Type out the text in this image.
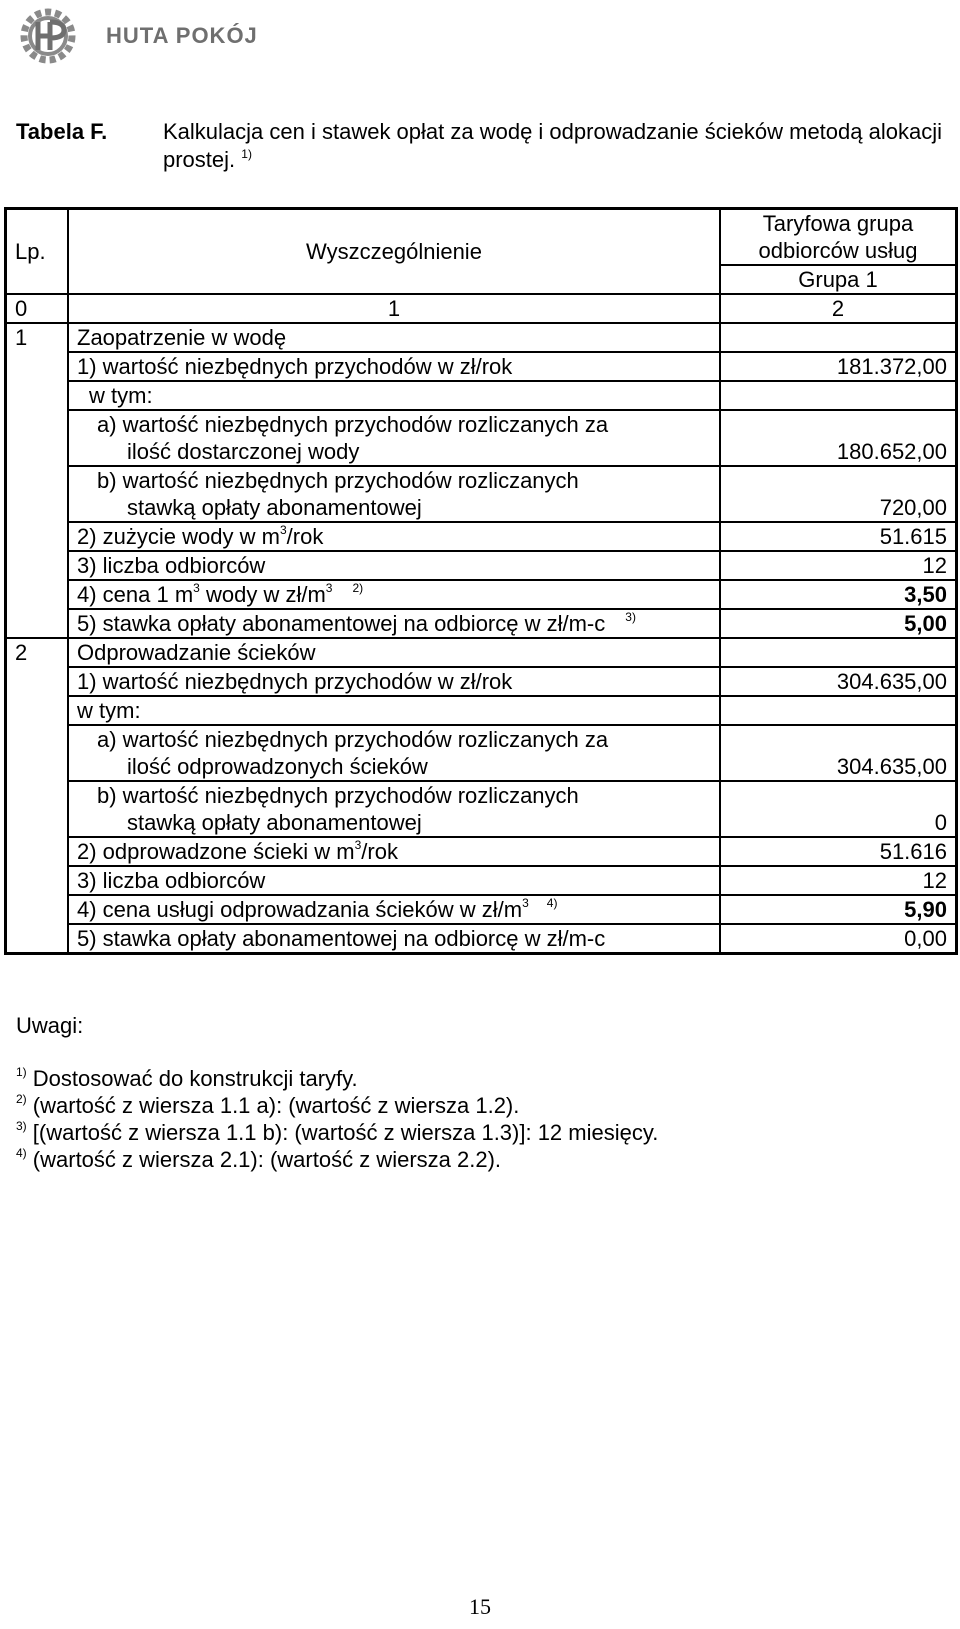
HUTA POKÓJ
Tabela F.	Kalkulacja cen i stawek opłat za wodę i odprowadzanie ścieków metodą alokacji prostej. $^{1)}$
Lp.	Wyszczególnienie	Taryfowa grupa
odbiorców usług
		Grupa 1
0	1	2
1	Zaopatrzenie w wodę	
	1) wartość niezbędnych przychodów w zł/rok	181.372,00
	w tym:	
	a) wartość niezbędnych przychodów rozliczanych za
ilość dostarczonej wody	180.652,00
	b) wartość niezbędnych przychodów rozliczanych
stawką opłaty abonamentowej	720,00
	2) zużycie wody w $m^3$/rok	51.615
	3) liczba odbiorców	12
	4) cena 1 $m^3$ wody w $zł/m^3$ $^{2)}$	3,50
	5) stawka opłaty abonamentowej na odbiorcę w zł/m-c $^{3)}$	5,00
2	Odprowadzanie ścieków	
	1) wartość niezbędnych przychodów w zł/rok	304.635,00
	w tym:	
	a) wartość niezbędnych przychodów rozliczanych za
ilość odprowadzonych ścieków	304.635,00
	b) wartość niezbędnych przychodów rozliczanych
stawką opłaty abonamentowej	0
	2) odprowadzone ścieki w $m^3$/rok	51.616
	3) liczba odbiorców	12
	4) cena usługi odprowadzania ścieków w $zł/m^3$ $^{4)}$	5,90
	5) stawka opłaty abonamentowej na odbiorcę w zł/m-c	0,00
Uwagi:
$^{1)}$ Dostosować do konstrukcji taryfy.
$^{2)}$ (wartość z wiersza 1.1 a): (wartość z wiersza 1.2).
$^{3)}$ [(wartość z wiersza 1.1 b): (wartość z wiersza 1.3)]: 12 miesięcy.
$^{4)}$ (wartość z wiersza 2.1): (wartość z wiersza 2.2).
15
